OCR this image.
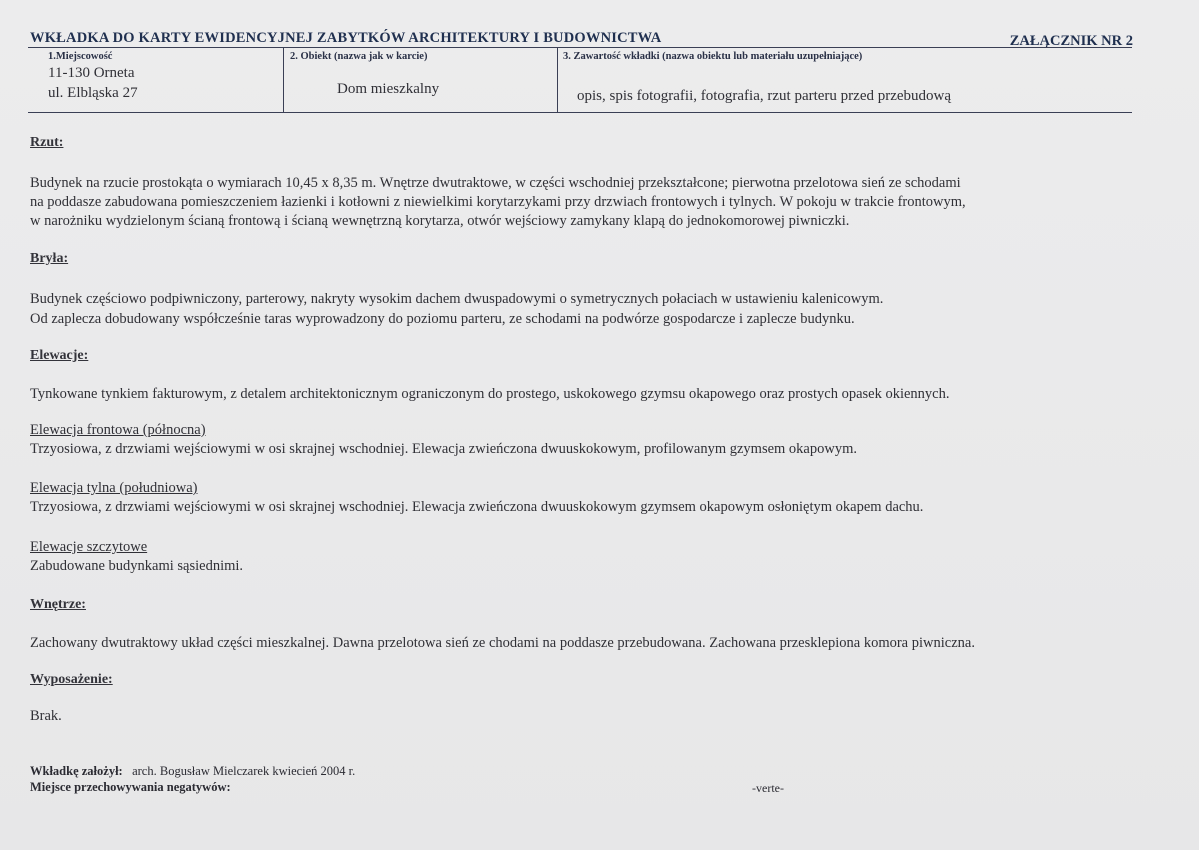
WKŁADKA DO KARTY EWIDENCYJNEJ ZABYTKÓW ARCHITEKTURY I BUDOWNICTWA	ZAŁĄCZNIK NR 2
1.Miejscowość
11-130 Orneta
ul. Elbląska 27
2. Obiekt (nazwa jak w karcie)
Dom mieszkalny
3. Zawartość wkładki (nazwa obiektu lub materiału uzupełniające)
opis, spis fotografii, fotografia, rzut parteru przed przebudową
Rzut:
Budynek na rzucie prostokąta o wymiarach 10,45 x 8,35 m. Wnętrze dwutraktowe, w części wschodniej przekształcone; pierwotna przelotowa sień ze schodami
na poddasze zabudowana pomieszczeniem łazienki i kotłowni z niewielkimi korytarzykami przy drzwiach frontowych i tylnych. W pokoju w trakcie frontowym,
w narożniku wydzielonym ścianą frontową i ścianą wewnętrzną korytarza, otwór wejściowy zamykany klapą do jednokomorowej piwniczki.
Bryła:
Budynek częściowo podpiwniczony, parterowy, nakryty wysokim dachem dwuspadowymi o symetrycznych połaciach w ustawieniu kalenicowym.
Od zaplecza dobudowany współcześnie taras wyprowadzony do poziomu parteru, ze schodami na podwórze gospodarcze i zaplecze budynku.
Elewacje:
Tynkowane tynkiem fakturowym, z detalem architektonicznym ograniczonym do prostego, uskokowego gzymsu okapowego oraz prostych opasek okiennych.
Elewacja frontowa (północna)
Trzyosiowa, z drzwiami wejściowymi w osi skrajnej wschodniej. Elewacja zwieńczona dwuuskokowym, profilowanym gzymsem okapowym.
Elewacja tylna (południowa)
Trzyosiowa, z drzwiami wejściowymi w osi skrajnej wschodniej. Elewacja zwieńczona dwuuskokowym gzymsem okapowym osłoniętym okapem dachu.
Elewacje szczytowe
Zabudowane budynkami sąsiednimi.
Wnętrze:
Zachowany dwutraktowy układ części mieszkalnej. Dawna przelotowa sień ze chodami na poddasze przebudowana. Zachowana przesklepiona komora piwniczna.
Wyposażenie:
Brak.
Wkładkę założył: arch. Bogusław Mielczarek kwiecień 2004 r.
Miejsce przechowywania negatywów:	-verte-
